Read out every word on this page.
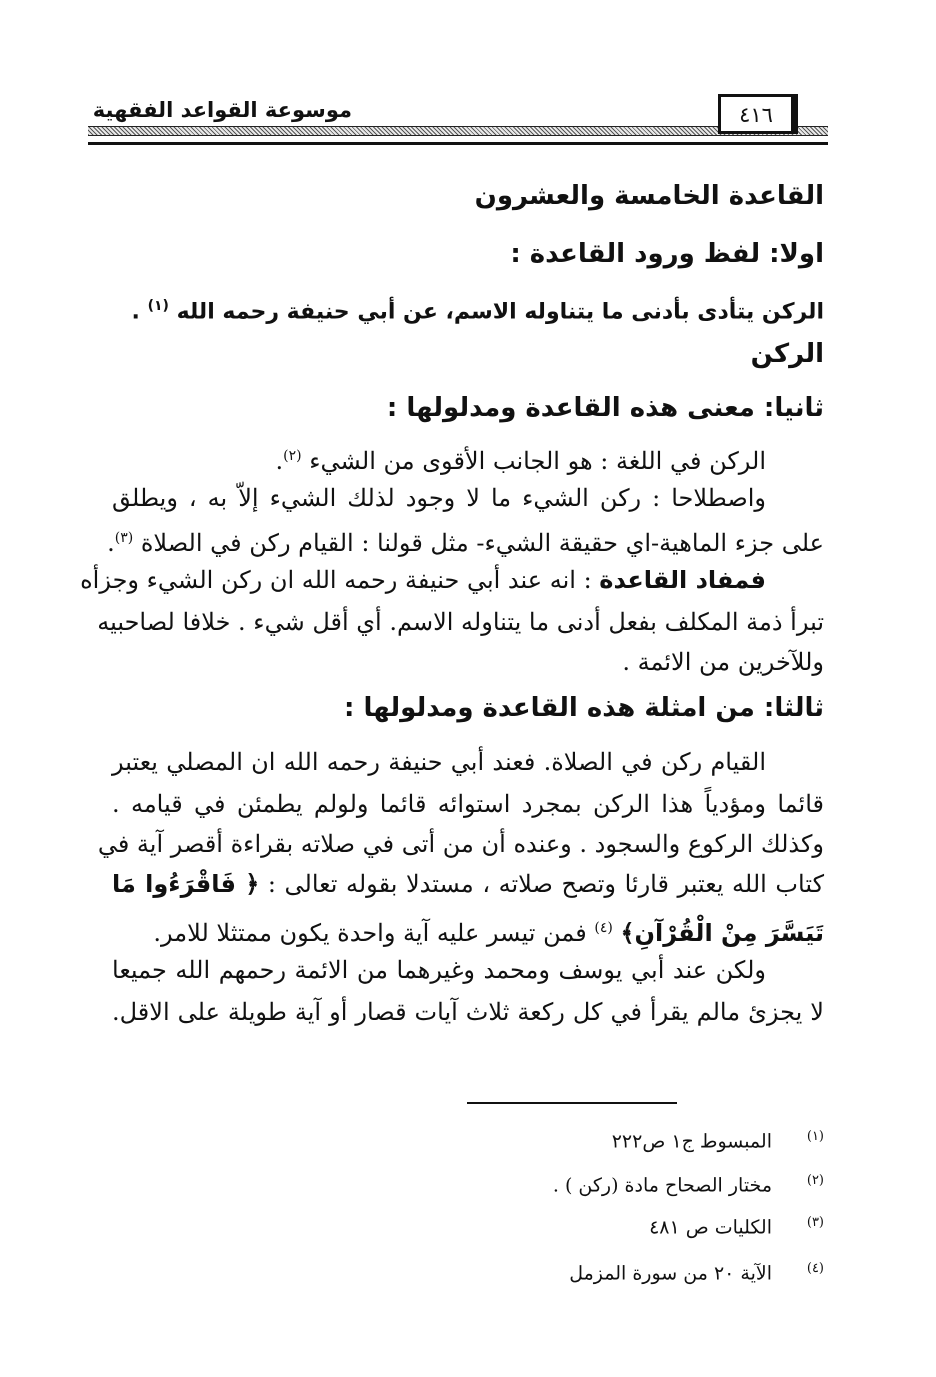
موسوعة القواعد الفقهية	٤١٦
القاعدة الخامسة والعشرون
اولا: لفظ ورود القاعدة :
الركن يتأدى بأدنى ما يتناوله الاسم، عن أبي حنيفة رحمه الله $^{(١)}$ .
الركن
ثانيا: معنى هذه القاعدة ومدلولها :
الركن في اللغة : هو الجانب الأقوى من الشيء $^{(٢)}$.
واصطلاحا : ركن الشيء ما لا وجود لذلك الشيء إلاّ به ، ويطلق
على جزء الماهية-اي حقيقة الشيء- مثل قولنا : القيام ركن في الصلاة $^{(٣)}$.
فمفاد القاعدة : انه عند أبي حنيفة رحمه الله ان ركن الشيء وجزأه
تبرأ ذمة المكلف بفعل أدنى ما يتناوله الاسم. أي أقل شيء . خلافا لصاحبيه
وللآخرين من الائمة .
ثالثا: من امثلة هذه القاعدة ومدلولها :
القيام ركن في الصلاة. فعند أبي حنيفة رحمه الله ان المصلي يعتبر
قائما ومؤدياً هذا الركن بمجرد استوائه قائما ولولم يطمئن في قيامه .
وكذلك الركوع والسجود . وعنده أن من أتى في صلاته بقراءة أقصر آية في
كتاب الله يعتبر قارئا وتصح صلاته ، مستدلا بقوله تعالى : ﴿ فَاقْرَءُوا مَا
تَيَسَّرَ مِنْ الْقُرْآنِ﴾ $^{(٤)}$ فمن تيسر عليه آية واحدة يكون ممتثلا للامر.
ولكن عند أبي يوسف ومحمد وغيرهما من الائمة رحمهم الله جميعا
لا يجزئ مالم يقرأ في كل ركعة ثلاث آيات قصار أو آية طويلة على الاقل.
(١)المبسوط ج١ ص٢٢٢
(٢)مختار الصحاح مادة (ركن ) .
(٣)الكليات ص ٤٨١
(٤)الآية ٢٠ من سورة المزمل
